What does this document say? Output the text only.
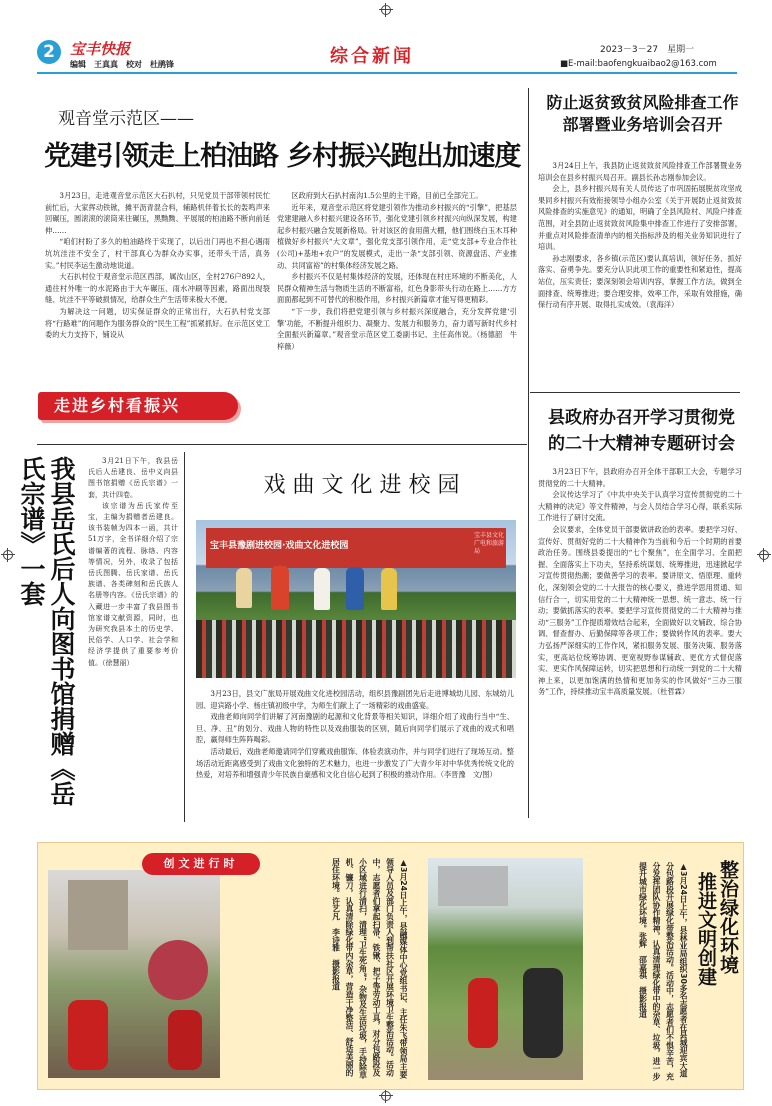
2	宝丰快报
编辑　王真真　校对　杜鹃锋	综合新闻	2023－3－27　星期一
■E-mail:baofengkuaibao2@163.com
观音堂示范区——
党建引领走上柏油路 乡村振兴跑出加速度

3月23日，走进观音堂示范区大石扒村，只见党员干部带领村民忙前忙后，大家挥动铁锨，摊平沥青混合料，辅路机伴着长长的轰鸣声来回碾压，圆滚滚的滚筒来往碾压，黑黝黝、平展展的柏油路不断向前延伸……

“咱们村盼了多久的柏油路终于实现了，以后出门再也不担心遇雨坑坑洼洼不安全了，村干部真心为群众办实事，还带头干活，真务实。”村民李运生激动地说道。

大石扒村位于观音堂示范区西部，属汝山区，全村276户892人，通往村外唯一的水泥路由于大车碾压、雨水冲刷等因素，路面出现裂缝、坑洼不平等破损情况，给群众生产生活带来极大不便。

为解决这一问题，切实保证群众的正常出行，大石扒村党支部将“行路难”的问题作为服务群众的“民生工程”抓紧抓好。在示范区党工委的大力支持下，铺设从

区政府到大石扒村南沟1.5公里的主干路，目前已全部完工。

近年来，观音堂示范区将党建引领作为推动乡村振兴的“引擎”，把基层党建建融入乡村振兴建设各环节，强化党建引领乡村振兴向纵深发展，构建起乡村振兴融合发展新格局。针对该区的食用菌大棚，他们围绕白玉木耳种植做好乡村振兴“大文章”，强化党支部引领作用，走“党支部+专业合作社(公司)+基地+农户”的发展模式，走出一条“支部引领、资源盘活、产业推动、共同富裕”的村集体经济发展之路。

乡村振兴不仅是村集体经济的发展，还体现在村庄环境的不断美化，人民群众精神生活与物质生活的不断富裕，红色身影带头行动在路上……方方面面都起到不可替代的积极作用，乡村振兴新篇章才能写得更精彩。

“下一步，我们将把党建引领与乡村振兴深度融合，充分发挥党建‘引擎’功能，不断提升组织力、凝聚力、发展力和服务力，奋力谱写新时代乡村全面振兴新篇章。”观音堂示范区党工委副书记、主任高伟说。（杨德韶　牛梓薇）

走进乡村看振兴
防止返贫致贫风险排查工作部署暨业务培训会召开

3月24日上午，我县防止返贫致贫风险排查工作部署暨业务培训会在县乡村振兴局召开。副县长孙志刚参加会议。

会上，县乡村振兴局有关人员传达了市巩固拓展脱贫攻坚成果同乡村振兴有效衔接领导小组办公室《关于开展防止返贫致贫风险排查的实施意见》的通知，明确了全县风险村、风险户排查范围，对全县防止返贫致贫风险集中排查工作进行了安排部署，并重点对风险排查清单内的相关指标涉及的相关业务知识进行了培训。

孙志刚要求，各乡镇(示范区)要认真培训，领好任务、抓好落实、奋勇争先。要充分认识此项工作的重要性和紧迫性，提高站位，压实责任；要深刻领会培训内容，掌握工作方法，做到全面排查、统筹推进；要合理安排，效率工作，采取有效措施，确保行动有序开展、取得扎实成效。（袁海洋）

县政府办召开学习贯彻党的二十大精神专题研讨会

3月23日下午，县政府办召开全体干部职工大会，专题学习贯彻党的二十大精神。

会议传达学习了《中共中央关于认真学习宣传贯彻党的二十大精神的决定》等文件精神，与会人员结合学习心得，联系实际工作进行了研讨交流。

会议要求，全体党员干部要做讲政治的表率。要把学习好、宣传好、贯彻好党的二十大精神作为当前和今后一个时期的首要政治任务。围绕县委提出的“七个聚焦”，在全面学习、全面把握、全面落实上下功夫，坚持系统谋划、统筹推进，迅速掀起学习宣传贯彻热潮；要做善学习的表率。要讲原文、悟原理、重转化，深刻领会党的二十大报告的核心要义，推进学思用贯通、知信行合一，切实用党的二十大精神统一思想、统一意志、统一行动；要做抓落实的表率。要把学习宣传贯彻党的二十大精神与推动“三服务”工作提质增效结合起来，全面做好以文辅政、综合协调、督查督办、后勤保障等各项工作；要做转作风的表率。要大力弘扬严深细实的工作作风，紧扣服务发展、服务决策、服务落实，更高站位统筹协调、更宽视野参谋辅政、更优方式督促落实、更实作风保障运转，切实把思想和行动统一到党的二十大精神上来，以更加饱满的热情和更加务实的作风做好“三办三服务”工作，持续推动宝丰高质量发展。（杜哲霖）

我县岳氏后人向图书馆捐赠《岳氏宗谱》一套	3月21日下午，我县岳氏后人岳建良、岳中义向县图书馆捐赠《岳氏宗谱》一套，共计四卷。

该宗谱为岳氏家传至宝，主编为捐赠者岳建良。该书装帧为四本一函，共计51万字，全书详细介绍了宗谱编著的流程、脉络、内容等情况，另外，收录了包括岳氏图腾、岳氏家谱、岳氏族谱、各类碑刻和岳氏族人名册等内容。《岳氏宗谱》的入藏进一步丰富了我县图书馆家谱文献资源，同时，也为研究我县本土的历史学、民俗学、人口学、社会学和经济学提供了重要参考价值。（徐慧丽）

戏曲文化进校园
宝丰县豫剧进校园·戏曲文化进校园
宝丰县文化广电和旅游局

3月23日，县文广旅局开展戏曲文化进校园活动，组织县豫剧团先后走进博城幼儿园、东城幼儿园、迎宾路小学、杨庄镇初级中学，为师生们献上了一场精彩的戏曲盛宴。

戏曲老师向同学们讲解了河南豫剧的起源和文化背景等相关知识，详细介绍了戏曲行当中“生、旦、净、丑”的划分、戏曲人物的特性以及戏曲服装的区别，随后向同学们展示了戏曲的戏式和唱腔，赢得师生阵阵喝彩。

活动最后，戏曲老师邀请同学们穿戴戏曲服饰、体验表演动作，并与同学们进行了现场互动。整场活动近距离感受到了戏曲文化独特的艺术魅力，也进一步激发了广大青少年对中华优秀传统文化的热爱，对培养和增强青少年民族自豪感和文化自信心起到了积极的推动作用。（李晋豫　文/图）

创文进行时	▲3月24日上午，县融媒体中心党组书记、主任朱飞带领局主要领导人员及部门负责人到帮扶社区开展环境卫生整治活动。活动中，志愿者们拿起扫帚、铁锹、把子等劳动工具，对分包路段及小区域进行清扫，清理“卫生死角”，杂物及生活垃圾，手持除草机、镰刀，认真清除绿化带内杂草，营造干净整洁、舒适美丽的居住环境。许艺凡　李诗雅　摄影报道	▲3月24日上午，县林业局组织30多名志愿者在县城迎宾大道分包路段开展绿化带整治活动。活动中，志愿者们不惧辛苦，充分发挥团队协作精神，认真清理绿化带中的杂草、垃圾，进一步提升城市绿化环境。张辉　邵嘉祺　摄影报道	整治绿化环境 推进文明创建
